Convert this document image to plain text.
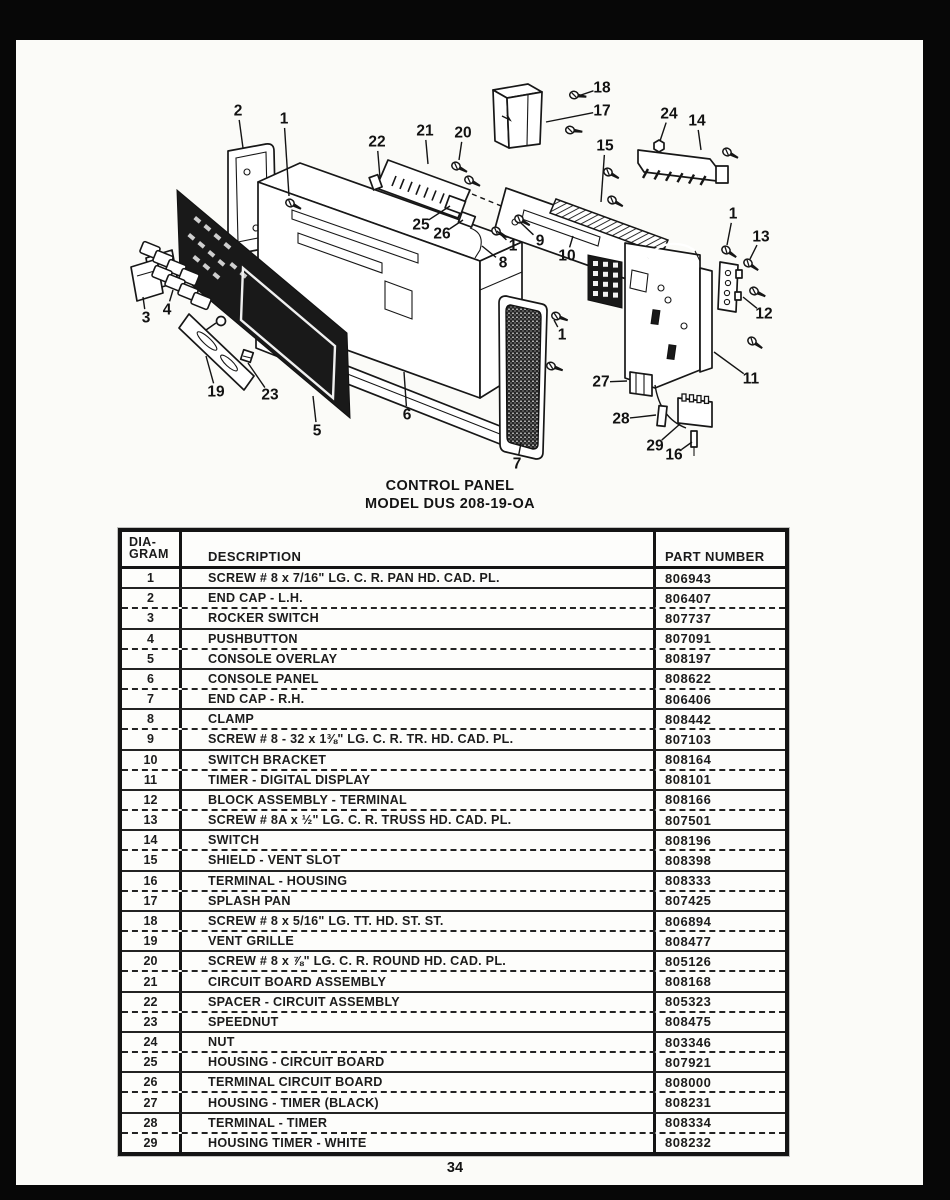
2 1
22
21 20
18
17
15
24 14
25
26
1 9
8	10
1
13
12
11
27
28
29
16
3 4
19 23
5
6
7
1
CONTROL PANEL
MODEL DUS 208-19-OA
DIA-
GRAM	DESCRIPTION	PART NUMBER
1	SCREW # 8 x 7/16" LG. C. R. PAN HD. CAD. PL.	806943
2	END CAP - L.H.	806407
3	ROCKER SWITCH	807737
4	PUSHBUTTON	807091
5	CONSOLE OVERLAY	808197
6	CONSOLE PANEL	808622
7	END CAP - R.H.	806406
8	CLAMP	808442
9	SCREW # 8 - 32 x 1⅜" LG. C. R. TR. HD. CAD. PL.	807103
10	SWITCH BRACKET	808164
11	TIMER - DIGITAL DISPLAY	808101
12	BLOCK ASSEMBLY - TERMINAL	808166
13	SCREW # 8A x ½" LG. C. R. TRUSS HD. CAD. PL.	807501
14	SWITCH	808196
15	SHIELD - VENT SLOT	808398
16	TERMINAL - HOUSING	808333
17	SPLASH PAN	807425
18	SCREW # 8 x 5/16" LG. TT. HD. ST. ST.	806894
19	VENT GRILLE	808477
20	SCREW # 8 x ⅞" LG. C. R. ROUND HD. CAD. PL.	805126
21	CIRCUIT BOARD ASSEMBLY	808168
22	SPACER - CIRCUIT ASSEMBLY	805323
23	SPEEDNUT	808475
24	NUT	803346
25	HOUSING - CIRCUIT BOARD	807921
26	TERMINAL CIRCUIT BOARD	808000
27	HOUSING - TIMER (BLACK)	808231
28	TERMINAL - TIMER	808334
29	HOUSING TIMER - WHITE	808232
34
